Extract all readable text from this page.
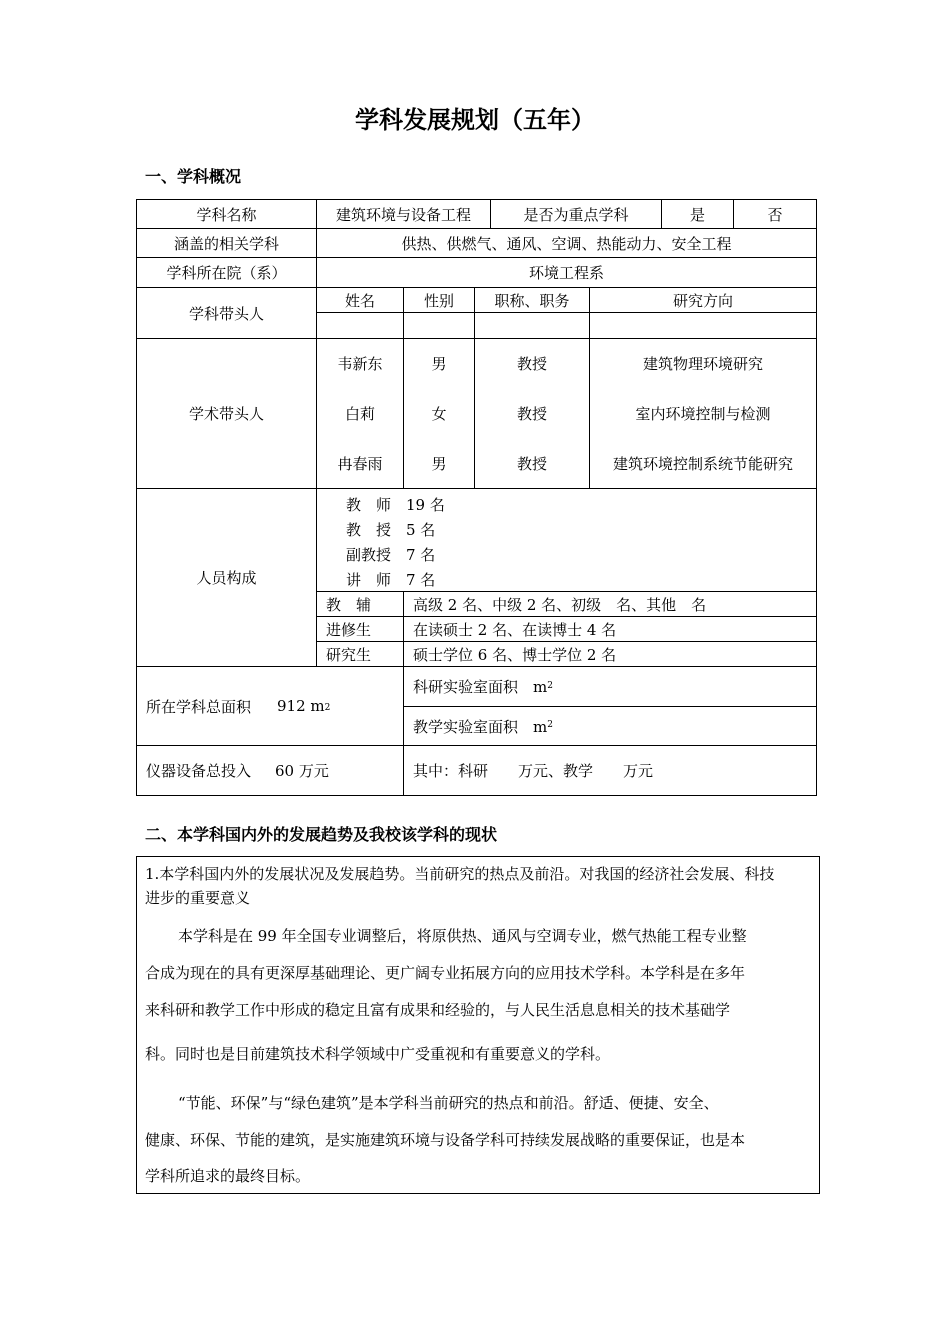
学科发展规划（五年）
一、学科概况
学科名称	建筑环境与设备工程	是否为重点学科	是	否
涵盖的相关学科	供热、供燃气、通风、空调、热能动力、安全工程
学科所在院（系）	环境工程系
学科带头人
姓名	性别	职称、职务	研究方向
学术带头人
韦新东	男	教授	建筑物理环境研究
白莉	女	教授	室内环境控制与检测
冉春雨	男	教授	建筑环境控制系统节能研究
人员构成
教　师　19 名
教　授　5 名
副教授　7 名
讲　师　7 名
教　辅	高级 2 名、中级 2 名、初级　名、其他　名
进修生	在读硕士 2 名、在读博士 4 名
研究生	硕士学位 6 名、博士学位 2 名
所在学科总面积 912 $m_2$
科研实验室面积　$m_2$
教学实验室面积　$m_2$
仪器设备总投入 60 万元	其中：科研　　万元、教学　　万元
二、本学科国内外的发展趋势及我校该学科的现状
1.本学科国内外的发展状况及发展趋势。当前研究的热点及前沿。对我国的经济社会发展、科技
进步的重要意义
本学科是在 99 年全国专业调整后，将原供热、通风与空调专业，燃气热能工程专业整
合成为现在的具有更深厚基础理论、更广阔专业拓展方向的应用技术学科。本学科是在多年
来科研和教学工作中形成的稳定且富有成果和经验的，与人民生活息息相关的技术基础学
科。同时也是目前建筑技术科学领域中广受重视和有重要意义的学科。
“节能、环保”与“绿色建筑”是本学科当前研究的热点和前沿。舒适、便捷、安全、
健康、环保、节能的建筑，是实施建筑环境与设备学科可持续发展战略的重要保证，也是本
学科所追求的最终目标。
